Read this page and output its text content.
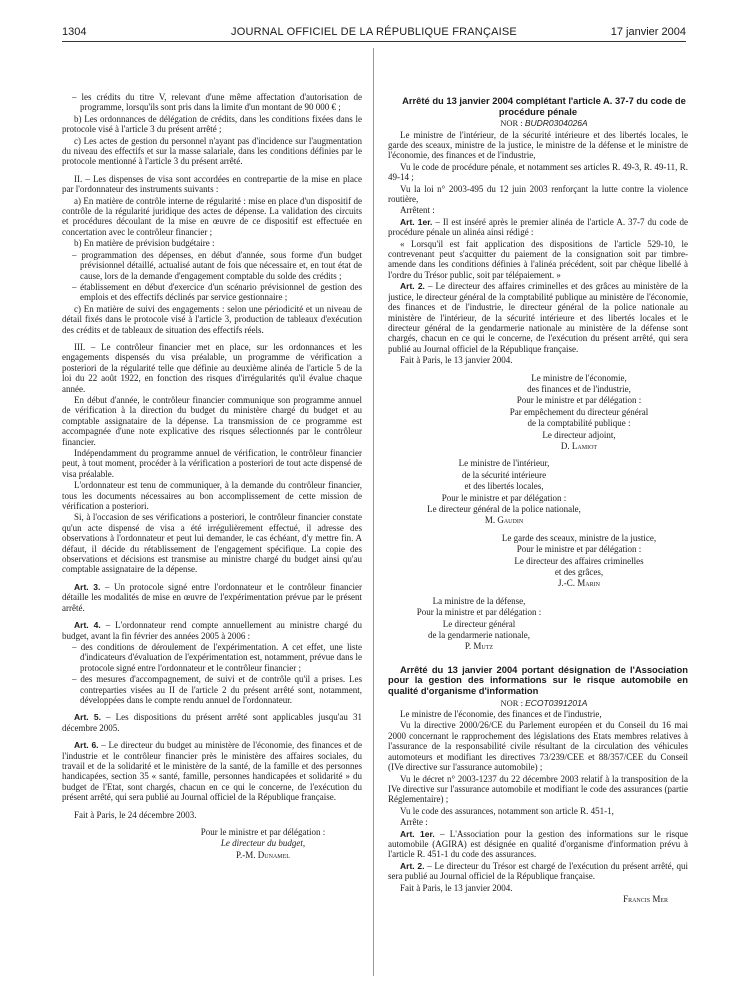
1304	JOURNAL OFFICIEL DE LA RÉPUBLIQUE FRANÇAISE	17 janvier 2004

– les crédits du titre V, relevant d'une même affectation d'autorisation de programme, lorsqu'ils sont pris dans la limite d'un montant de 90 000 € ;

b) Les ordonnances de délégation de crédits, dans les conditions fixées dans le protocole visé à l'article 3 du présent arrêté ;

c) Les actes de gestion du personnel n'ayant pas d'incidence sur l'augmentation du niveau des effectifs et sur la masse salariale, dans les conditions définies par le protocole mentionné à l'article 3 du présent arrêté.

II. – Les dispenses de visa sont accordées en contrepartie de la mise en place par l'ordonnateur des instruments suivants :

a) En matière de contrôle interne de régularité : mise en place d'un dispositif de contrôle de la régularité juridique des actes de dépense. La validation des circuits et procédures découlant de la mise en œuvre de ce dispositif est effectuée en concertation avec le contrôleur financier ;

b) En matière de prévision budgétaire :

– programmation des dépenses, en début d'année, sous forme d'un budget prévisionnel détaillé, actualisé autant de fois que nécessaire et, en tout état de cause, lors de la demande d'engagement comptable du solde des crédits ;

– établissement en début d'exercice d'un scénario prévisionnel de gestion des emplois et des effectifs déclinés par service gestionnaire ;

c) En matière de suivi des engagements : selon une périodicité et un niveau de détail fixés dans le protocole visé à l'article 3, production de tableaux d'exécution des crédits et de tableaux de situation des effectifs réels.

III. – Le contrôleur financier met en place, sur les ordonnances et les engagements dispensés du visa préalable, un programme de vérification a posteriori de la régularité telle que définie au deuxième alinéa de l'article 5 de la loi du 22 août 1922, en fonction des risques d'irrégularités qu'il évalue chaque année.

En début d'année, le contrôleur financier communique son programme annuel de vérification à la direction du budget du ministère chargé du budget et au comptable assignataire de la dépense. La transmission de ce programme est accompagnée d'une note explicative des risques sélectionnés par le contrôleur financier.

Indépendamment du programme annuel de vérification, le contrôleur financier peut, à tout moment, procéder à la vérification a posteriori de tout acte dispensé de visa préalable.

L'ordonnateur est tenu de communiquer, à la demande du contrôleur financier, tous les documents nécessaires au bon accomplissement de cette mission de vérification a posteriori.

Si, à l'occasion de ses vérifications a posteriori, le contrôleur financier constate qu'un acte dispensé de visa a été irrégulièrement effectué, il adresse des observations à l'ordonnateur et peut lui demander, le cas échéant, d'y mettre fin. A défaut, il décide du rétablissement de l'engagement spécifique. La copie des observations et décisions est transmise au ministre chargé du budget ainsi qu'au comptable assignataire de la dépense.

Art. 3. – Un protocole signé entre l'ordonnateur et le contrôleur financier détaille les modalités de mise en œuvre de l'expérimentation prévue par le présent arrêté.

Art. 4. – L'ordonnateur rend compte annuellement au ministre chargé du budget, avant la fin février des années 2005 à 2006 :

– des conditions de déroulement de l'expérimentation. A cet effet, une liste d'indicateurs d'évaluation de l'expérimentation est, notamment, prévue dans le protocole signé entre l'ordonnateur et le contrôleur financier ;

– des mesures d'accompagnement, de suivi et de contrôle qu'il a prises. Les contreparties visées au II de l'article 2 du présent arrêté sont, notamment, développées dans le compte rendu annuel de l'ordonnateur.

Art. 5. – Les dispositions du présent arrêté sont applicables jusqu'au 31 décembre 2005.

Art. 6. – Le directeur du budget au ministère de l'économie, des finances et de l'industrie et le contrôleur financier près le ministère des affaires sociales, du travail et de la solidarité et le ministère de la santé, de la famille et des personnes handicapées, section 35 « santé, famille, personnes handicapées et solidarité » du budget de l'Etat, sont chargés, chacun en ce qui le concerne, de l'exécution du présent arrêté, qui sera publié au Journal officiel de la République française.

Fait à Paris, le 24 décembre 2003.

Pour le ministre et par délégation :

Le directeur du budget,

P.-M. Dunamel

Arrêté du 13 janvier 2004 complétant l'article A. 37-7 du code de procédure pénale

NOR : BUDR0304026A

Le ministre de l'intérieur, de la sécurité intérieure et des libertés locales, le garde des sceaux, ministre de la justice, le ministre de la défense et le ministre de l'économie, des finances et de l'industrie,

Vu le code de procédure pénale, et notamment ses articles R. 49-3, R. 49-11, R. 49-14 ;

Vu la loi n° 2003-495 du 12 juin 2003 renforçant la lutte contre la violence routière,

Arrêtent :

Art. 1er. – Il est inséré après le premier alinéa de l'article A. 37-7 du code de procédure pénale un alinéa ainsi rédigé :

« Lorsqu'il est fait application des dispositions de l'article 529-10, le contrevenant peut s'acquitter du paiement de la consignation soit par timbre-amende dans les conditions définies à l'alinéa précédent, soit par chèque libellé à l'ordre du Trésor public, soit par télépaiement. »

Art. 2. – Le directeur des affaires criminelles et des grâces au ministère de la justice, le directeur général de la comptabilité publique au ministère de l'économie, des finances et de l'industrie, le directeur général de la police nationale au ministère de l'intérieur, de la sécurité intérieure et des libertés locales et le directeur général de la gendarmerie nationale au ministère de la défense sont chargés, chacun en ce qui le concerne, de l'exécution du présent arrêté, qui sera publié au Journal officiel de la République française.

Fait à Paris, le 13 janvier 2004.

Le ministre de l'économie,

des finances et de l'industrie,

Pour le ministre et par délégation :

Par empêchement du directeur général

de la comptabilité publique :

Le directeur adjoint,

D. Lamiot

Le ministre de l'intérieur,

de la sécurité intérieure

et des libertés locales,

Pour le ministre et par délégation :

Le directeur général de la police nationale,

M. Gaudin

Le garde des sceaux, ministre de la justice,

Pour le ministre et par délégation :

Le directeur des affaires criminelles

et des grâces,

J.-C. Marin

La ministre de la défense,

Pour la ministre et par délégation :

Le directeur général

de la gendarmerie nationale,

P. Mutz

Arrêté du 13 janvier 2004 portant désignation de l'Association pour la gestion des informations sur le risque automobile en qualité d'organisme d'information

NOR : ECOT0391201A

Le ministre de l'économie, des finances et de l'industrie,

Vu la directive 2000/26/CE du Parlement européen et du Conseil du 16 mai 2000 concernant le rapprochement des législations des Etats membres relatives à l'assurance de la responsabilité civile résultant de la circulation des véhicules automoteurs et modifiant les directives 73/239/CEE et 88/357/CEE du Conseil (IVe directive sur l'assurance automobile) ;

Vu le décret n° 2003-1237 du 22 décembre 2003 relatif à la transposition de la IVe directive sur l'assurance automobile et modifiant le code des assurances (partie Réglementaire) ;

Vu le code des assurances, notamment son article R. 451-1,

Arrête :

Art. 1er. – L'Association pour la gestion des informations sur le risque automobile (AGIRA) est désignée en qualité d'organisme d'information prévu à l'article R. 451-1 du code des assurances.

Art. 2. – Le directeur du Trésor est chargé de l'exécution du présent arrêté, qui sera publié au Journal officiel de la République française.

Fait à Paris, le 13 janvier 2004.

Francis Mer
